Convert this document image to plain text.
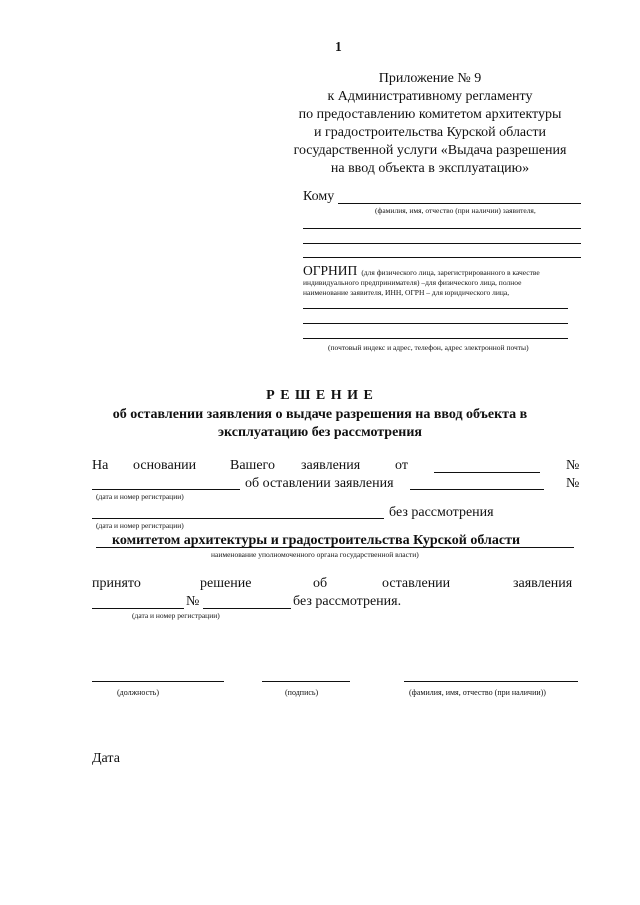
1
Приложение № 9
к Административному регламенту
по предоставлению комитетом архитектуры
и градостроительства Курской области
государственной услуги «Выдача разрешения
на ввод объекта в эксплуатацию»
Кому
(фамилия, имя, отчество (при наличии) заявителя,
ОГРНИП (для физического лица, зарегистрированного в качестве
индивидуального предпринимателя) –для физического лица, полное
наименование заявителя, ИНН, ОГРН – для юридического лица,
(почтовый индекс и адрес, телефон, адрес электронной почты)
Р Е Ш Е Н И Е
об оставлении заявления о выдаче разрешения на ввод объекта в
эксплуатацию без рассмотрения
На основании Вашего заявления от	№
об оставлении заявления	№
(дата и номер регистрации)
без рассмотрения
(дата и номер регистрации)
комитетом архитектуры и градостроительства Курской области
наименование уполномоченного органа государственной власти)
принято	решение	об	оставлении	заявления
№	без рассмотрения.
(дата и номер регистрации)
(должность)	(подпись)	(фамилия, имя, отчество (при наличии))
Дата
